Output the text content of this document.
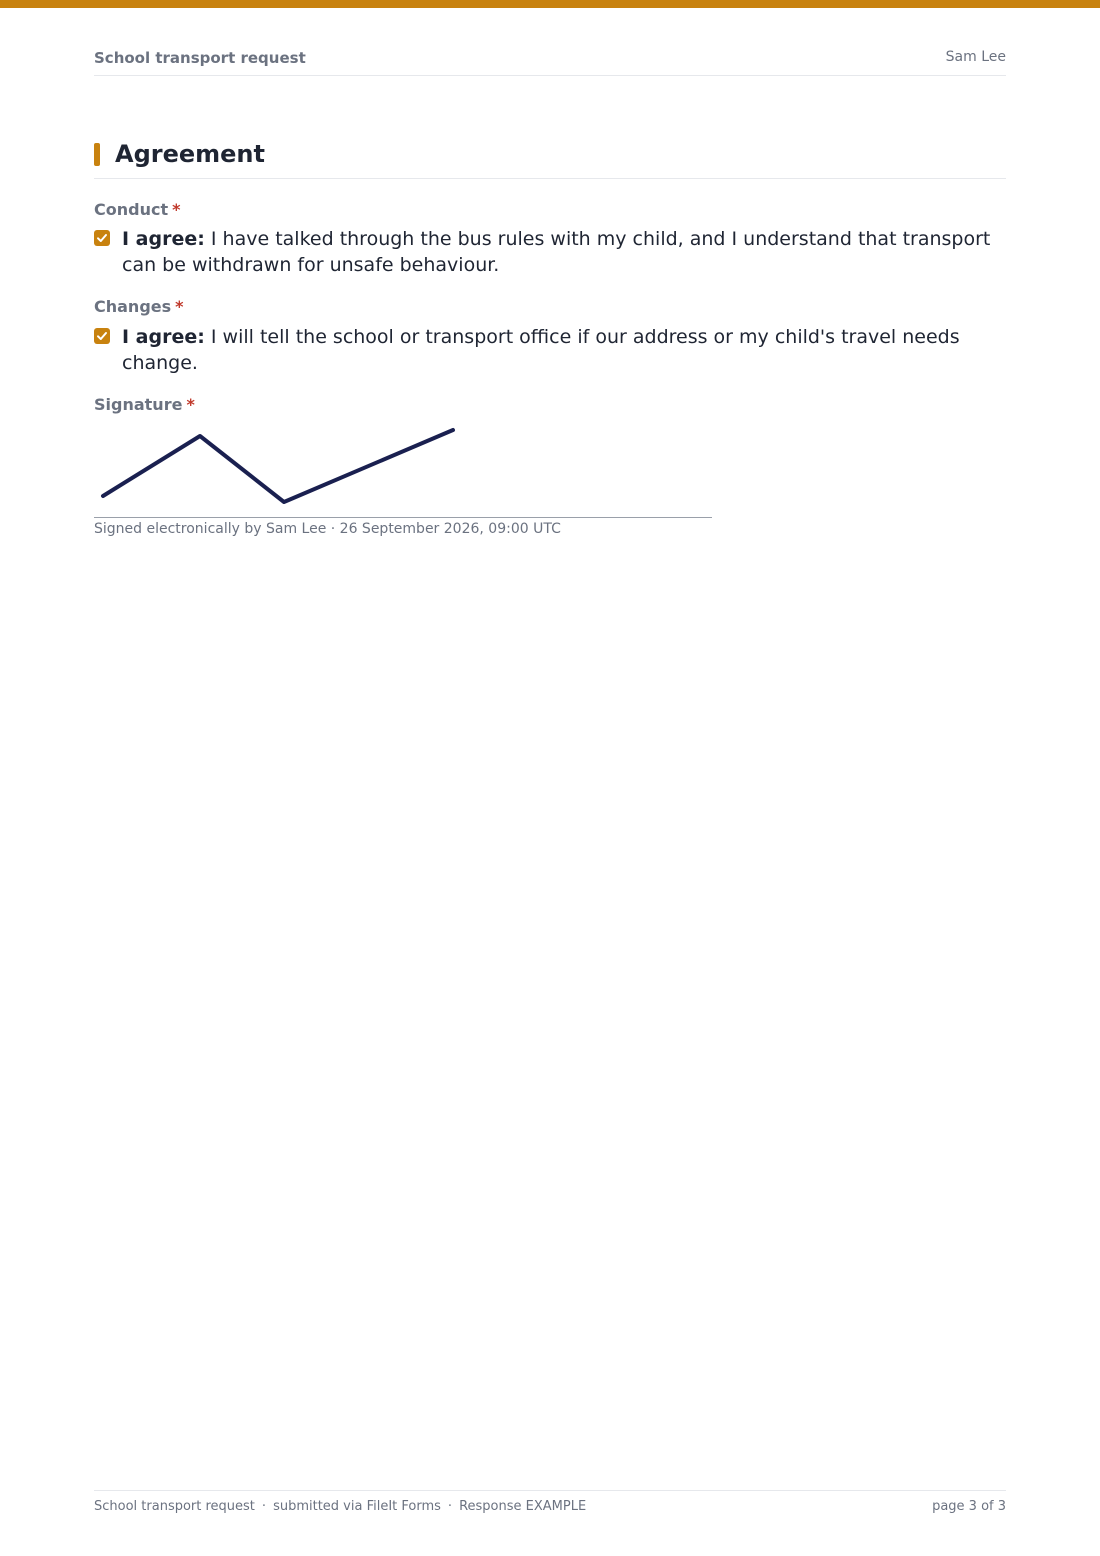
School transport request	Sam Lee
Agreement
Conduct *
I agree: I have talked through the bus rules with my child, and I understand that transport can be withdrawn for unsafe behaviour.
Changes *
I agree: I will tell the school or transport office if our address or my child's travel needs change.
Signature *
Signed electronically by Sam Lee · 26 September 2026, 09:00 UTC
School transport request · submitted via FileIt Forms · Response EXAMPLE	page 3 of 3
